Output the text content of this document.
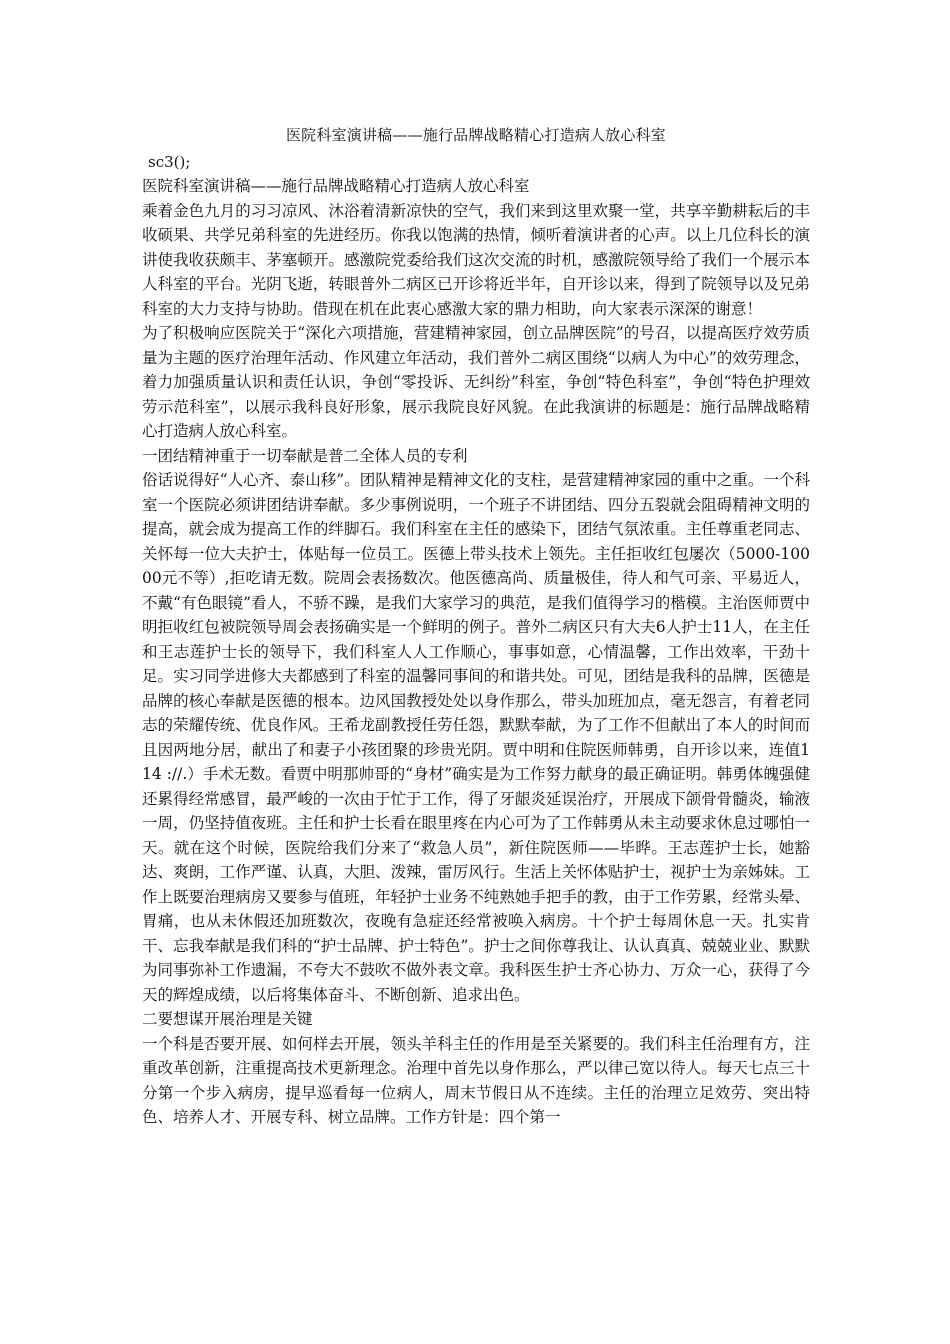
医院科室演讲稿——施行品牌战略精心打造病人放心科室

sc3();

医院科室演讲稿——施行品牌战略精心打造病人放心科室

乘着金色九月的习习凉风、沐浴着清新凉快的空气，我们来到这里欢聚一堂，共享辛勤耕耘后的丰收硕果、共学兄弟科室的先进经历。你我以饱满的热情，倾听着演讲者的心声。以上几位科长的演讲使我收获颇丰、茅塞顿开。感激院党委给我们这次交流的时机，感激院领导给了我们一个展示本人科室的平台。光阴飞逝，转眼普外二病区已开诊将近半年，自开诊以来，得到了院领导以及兄弟科室的大力支持与协助。借现在机在此衷心感激大家的鼎力相助，向大家表示深深的谢意！

为了积极响应医院关于“深化六项措施，营建精神家园，创立品牌医院”的号召，以提高医疗效劳质量为主题的医疗治理年活动、作风建立年活动，我们普外二病区围绕“以病人为中心”的效劳理念，着力加强质量认识和责任认识，争创“零投诉、无纠纷”科室，争创“特色科室”，争创“特色护理效劳示范科室”，以展示我科良好形象，展示我院良好风貌。在此我演讲的标题是：施行品牌战略精心打造病人放心科室。

一团结精神重于一切奉献是普二全体人员的专利

俗话说得好“人心齐、泰山移”。团队精神是精神文化的支柱，是营建精神家园的重中之重。一个科室一个医院必须讲团结讲奉献。多少事例说明，一个班子不讲团结、四分五裂就会阻碍精神文明的提高，就会成为提高工作的绊脚石。我们科室在主任的感染下，团结气氛浓重。主任尊重老同志、关怀每一位大夫护士，体贴每一位员工。医德上带头技术上领先。主任拒收红包屡次（5000-10000元不等）,拒吃请无数。院周会表扬数次。他医德高尚、质量极佳，待人和气可亲、平易近人，不戴“有色眼镜”看人，不骄不躁，是我们大家学习的典范，是我们值得学习的楷模。主治医师贾中明拒收红包被院领导周会表扬确实是一个鲜明的例子。普外二病区只有大夫6人护士11人，在主任和王志莲护士长的领导下，我们科室人人工作顺心，事事如意，心情温馨，工作出效率，干劲十足。实习同学进修大夫都感到了科室的温馨同事间的和谐共处。可见，团结是我科的品牌，医德是品牌的核心奉献是医德的根本。边风国教授处处以身作那么，带头加班加点，毫无怨言，有着老同志的荣耀传统、优良作风。王希龙副教授任劳任怨，默默奉献，为了工作不但献出了本人的时间而且因两地分居，献出了和妻子小孩团聚的珍贵光阴。贾中明和住院医师韩勇，自开诊以来，连值114 ://.）手术无数。看贾中明那帅哥的“身材”确实是为工作努力献身的最正确证明。韩勇体魄强健还累得经常感冒，最严峻的一次由于忙于工作，得了牙龈炎延误治疗，开展成下颌骨骨髓炎，输液一周，仍坚持值夜班。主任和护士长看在眼里疼在内心可为了工作韩勇从未主动要求休息过哪怕一天。就在这个时候，医院给我们分来了“救急人员”，新住院医师——毕晔。王志莲护士长，她豁达、爽朗，工作严谨、认真，大胆、泼辣，雷厉风行。生活上关怀体贴护士，视护士为亲姊妹。工作上既要治理病房又要参与值班，年轻护士业务不纯熟她手把手的教，由于工作劳累，经常头晕、胃痛，也从未休假还加班数次，夜晚有急症还经常被唤入病房。十个护士每周休息一天。扎实肯干、忘我奉献是我们科的“护士品牌、护士特色”。护士之间你尊我让、认认真真、兢兢业业、默默为同事弥补工作遗漏，不夸大不鼓吹不做外表文章。我科医生护士齐心协力、万众一心，获得了今天的辉煌成绩，以后将集体奋斗、不断创新、追求出色。

二要想谋开展治理是关键

一个科是否要开展、如何样去开展，领头羊科主任的作用是至关紧要的。我们科主任治理有方，注重改革创新，注重提高技术更新理念。治理中首先以身作那么，严以律己宽以待人。每天七点三十分第一个步入病房，提早巡看每一位病人，周末节假日从不连续。主任的治理立足效劳、突出特色、培养人才、开展专科、树立品牌。工作方针是：四个第一
